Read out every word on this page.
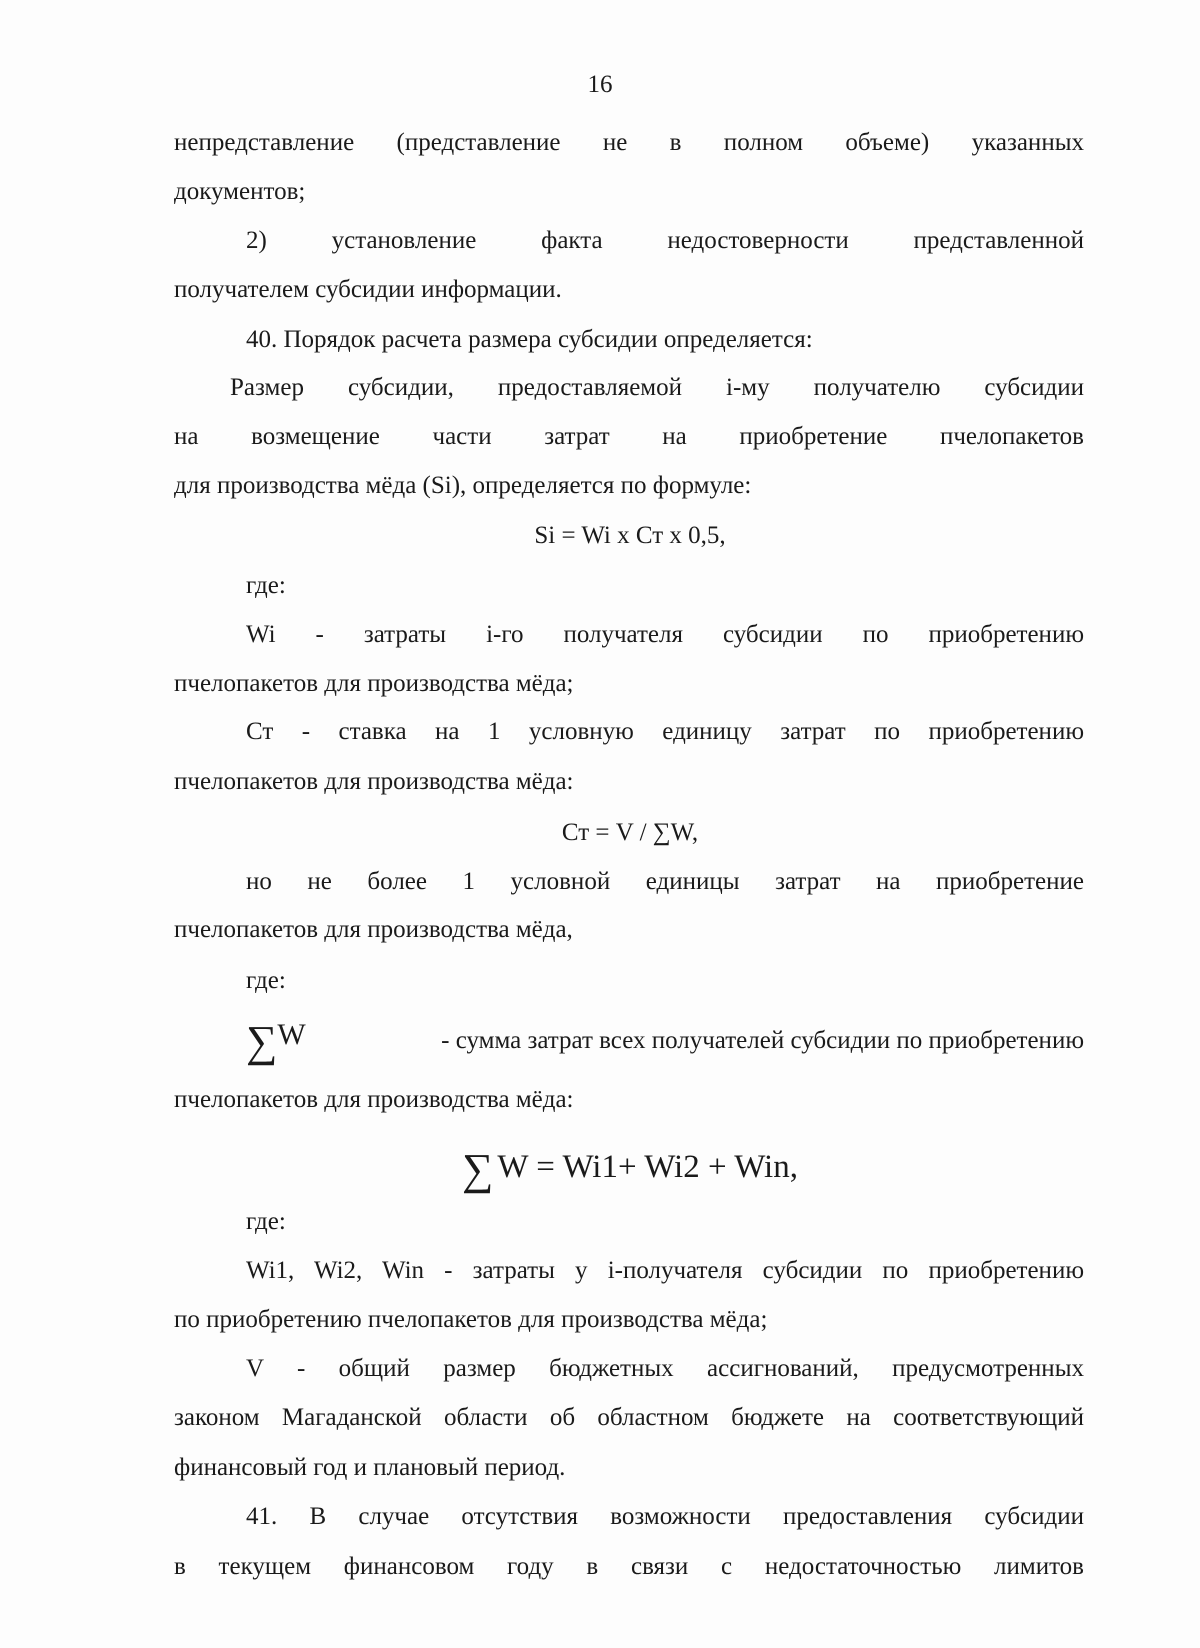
16
непредставление (представление не в полном объеме) указанных
документов;
2) установление факта недостоверности представленной
получателем субсидии информации.
40. Порядок расчета размера субсидии определяется:
Размер субсидии, предоставляемой i-му получателю субсидии
на возмещение части затрат на приобретение пчелопакетов
для производства мёда (Si), определяется по формуле:
Si = Wi x Ст x 0,5,
где:
Wi - затраты i-го получателя субсидии по приобретению
пчелопакетов для производства мёда;
Ст - ставка на 1 условную единицу затрат по приобретению
пчелопакетов для производства мёда:
Ст = V / ∑W,
но не более 1 условной единицы затрат на приобретение
пчелопакетов для производства мёда,
где:
∑W	- сумма затрат всех получателей субсидии по приобретению
пчелопакетов для производства мёда:
∑ W = Wi1+ Wi2 + Win,
где:
Wi1, Wi2, Win - затраты у i-получателя субсидии по приобретению
по приобретению пчелопакетов для производства мёда;
V - общий размер бюджетных ассигнований, предусмотренных
законом Магаданской области об областном бюджете на соответствующий
финансовый год и плановый период.
41. В случае отсутствия возможности предоставления субсидии
в текущем финансовом году в связи с недостаточностью лимитов
